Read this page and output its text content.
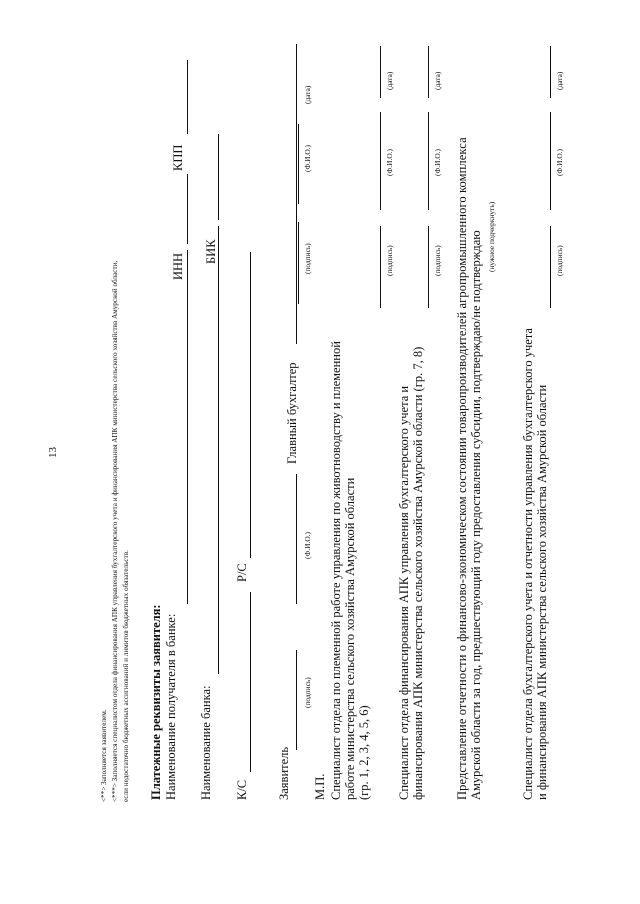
13
<**> Заполняется заявителем. <***> Заполняется специалистом отдела финансирования АПК управления бухгалтерского учета и финансирования АПК министерства сельского хозяйства Амурской области, если недостаточно бюджетных ассигнований и лимитов бюджетных обязательств. Платежные реквизиты заявителя: Наименование получателя в банке:
ИНН
КПП
Наименование банка:
БИК
К/С
Р/С
Заявитель
Главный бухгалтер
(подпись)
(Ф.И.О.)
(подпись)
(Ф.И.О.)
(дата)
М.П. Специалист отдела по племенной работе управления по животноводству и племенной работе министерства сельского хозяйства Амурской области (гр. 1, 2, 3, 4, 5, 6)
(подпись)
(Ф.И.О.)
(дата)
Специалист отдела финансирования АПК управления бухгалтерского учета и финансирования АПК министерства сельского хозяйства Амурской области (гр. 7, 8)
(подпись)
(Ф.И.О.)
(дата)
Представление отчетности о финансово-экономическом состоянии товаропроизводителей агропромышленного комплекса Амурской области за год, предшествующий году предоставления субсидии, подтверждаю/не подтверждаю (нужное подчеркнуть)
Специалист отдела бухгалтерского учета и отчетности управления бухгалтерского учета и финансирования АПК министерства сельского хозяйства Амурской области
(подпись)
(Ф.И.О.)
(дата)
